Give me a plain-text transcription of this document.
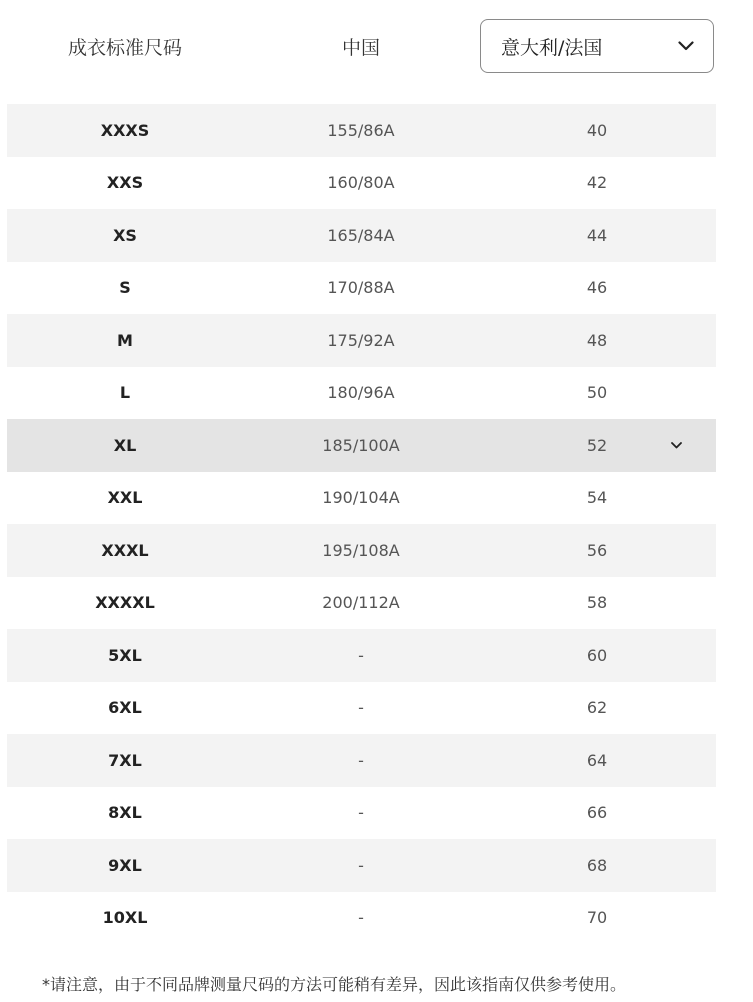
成衣标准尺码	中国	意大利/法国
XXXS	155/86A	40
XXS	160/80A	42
XS	165/84A	44
S	170/88A	46
M	175/92A	48
L	180/96A	50
XL	185/100A	52
XXL	190/104A	54
XXXL	195/108A	56
XXXXL	200/112A	58
5XL	-	60
6XL	-	62
7XL	-	64
8XL	-	66
9XL	-	68
10XL	-	70
*请注意，由于不同品牌测量尺码的方法可能稍有差异，因此该指南仅供参考使用。
